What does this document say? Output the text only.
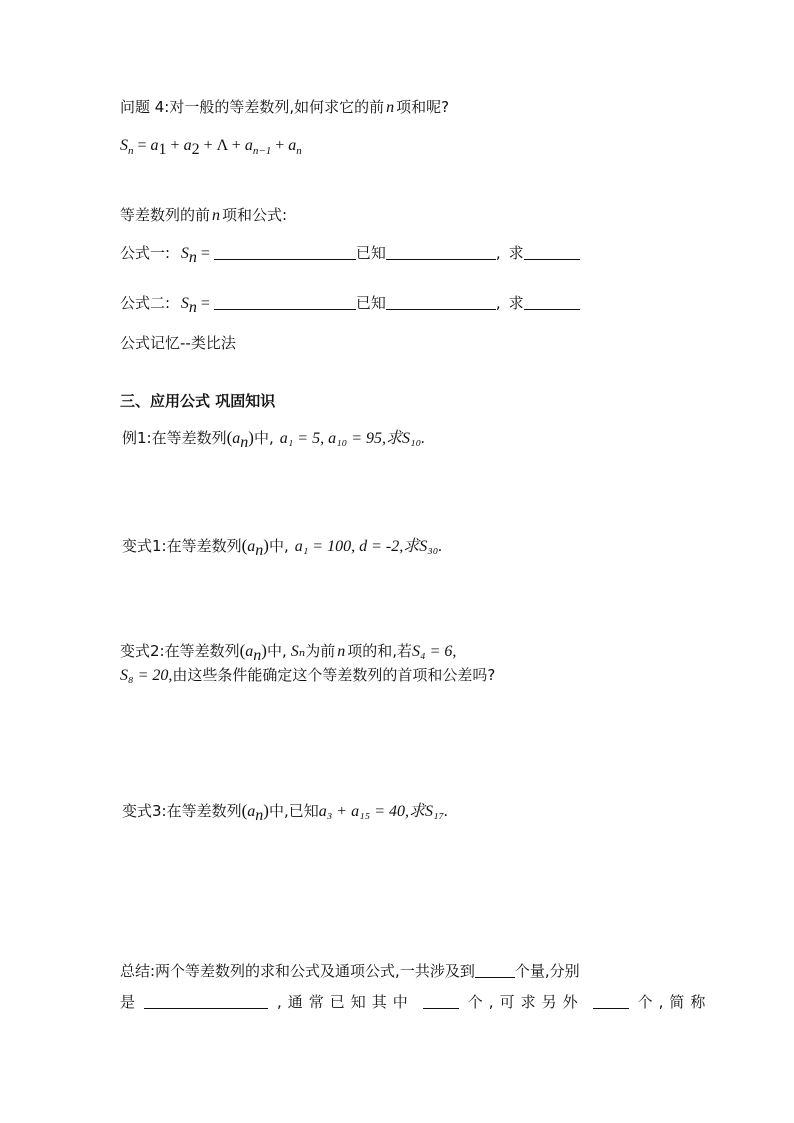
问题 4:对一般的等差数列,如何求它的前 n 项和呢?
$S_n = a_1 + a_2 + \Lambda + a_{n-1} + a_n$
等差数列的前 n 项和公式:
公式一: $S_n$ =	已知	, 求
公式二: $S_n$ =	已知	, 求
公式记忆--类比法
三、应用公式 巩固知识
例1:在等差数列$(a_n)$中, a₁ = 5, a₁₀ = 95,求S₁₀.
变式1:在等差数列$(a_n)$中, a₁ = 100, d = -2,求S₃₀.
变式2:在等差数列$(a_n)$中, Sₙ为前 n 项的和,若S₄ = 6,
S₈ = 20,由这些条件能确定这个等差数列的首项和公差吗?
变式3:在等差数列$(a_n)$中,已知a₃ + a₁₅ = 40,求S₁₇.
总结:两个等差数列的求和公式及通项公式,一共涉及到	个量,分别
是	,通常已知其中	个,可求另外	个,简称
